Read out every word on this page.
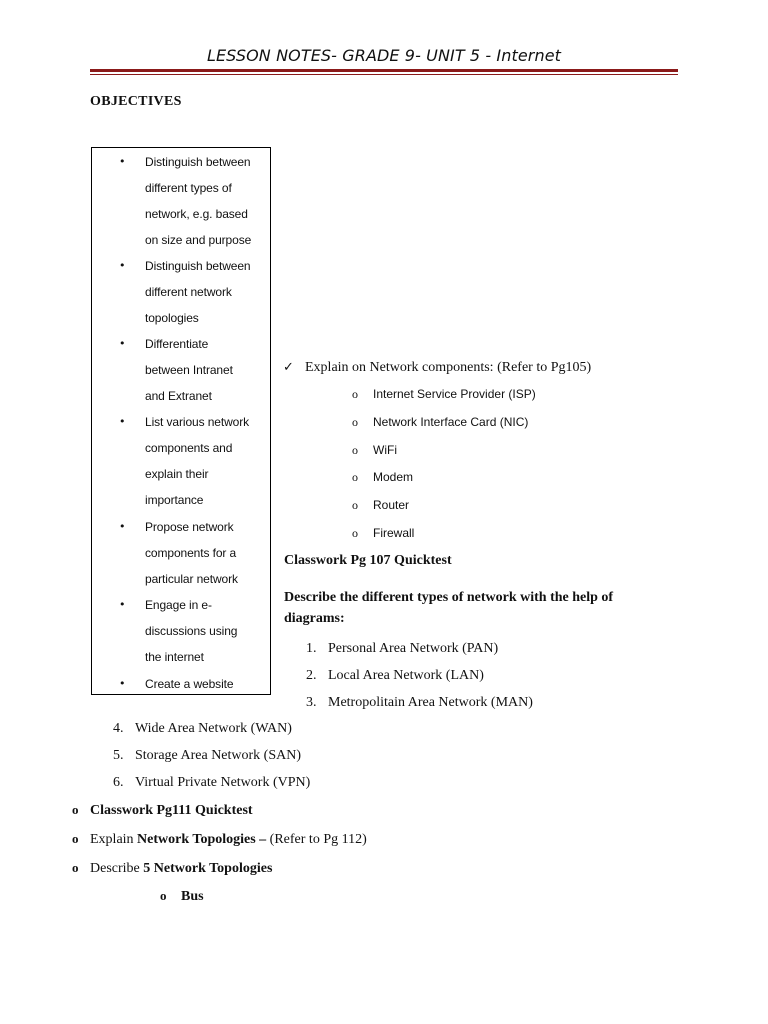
LESSON NOTES- GRADE 9- UNIT 5 - Internet
OBJECTIVES
• Distinguish between
different types of
network, e.g. based
on size and purpose
• Distinguish between
different network
topologies
• Differentiate
between Intranet
and Extranet
• List various network
components and
explain their
importance
• Propose network
components for a
particular network
• Engage in e-
discussions using
the internet
• Create a website
✓ Explain on Network components: (Refer to Pg105)
o Internet Service Provider (ISP)
o Network Interface Card (NIC)
o WiFi
o Modem
o Router
o Firewall
Classwork Pg 107 Quicktest
Describe the different types of network with the help of diagrams:
1. Personal Area Network (PAN)
2. Local Area Network (LAN)
3. Metropolitain Area Network (MAN)
4. Wide Area Network (WAN)
5. Storage Area Network (SAN)
6. Virtual Private Network (VPN)
o Classwork Pg111 Quicktest
o Explain Network Topologies – (Refer to Pg 112)
o Describe 5 Network Topologies
o Bus
